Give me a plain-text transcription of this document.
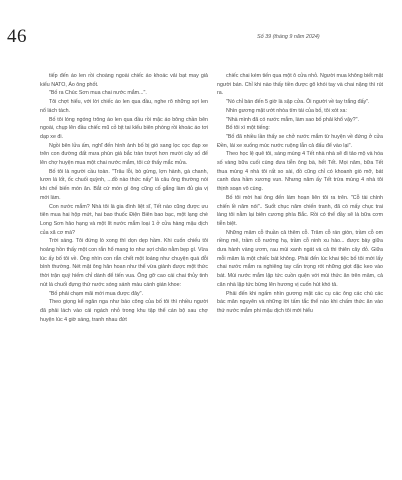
46	Số 39 (tháng 9 năm 2024)

tiếp đến áo len rồi choàng ngoài chiếc áo khoác vải bạt may giả kiểu NATO, Áo ông phốt.

"Bố ra Chúc Sơn mua chai nước mắm...".

Tôi chợt hiểu, với lời chiếc áo len qua đầu, nghe rõ những sợi len nổ lách tách.

Bố tôi lóng ngóng trông áo len qua đầu rồi mặc áo bông chần bên ngoài, chụp lên đầu chiếc mũ cỏ bịt tai kiểu biên phòng rồi khoác áo tơi dạp xe đi.

Ngồi bên lửa ấm, nghĩ đến hình ảnh bố bị gió sang lọc cọc đạp xe trên con đường đất mưa phùn giá bắc tràn trượt hơn mười cây số để lên chợ huyện mua một chai nước mắm, tôi cứ thấy mắc mửa.

Bố tôi là người cầu toàn. "Trâu lỗi, bò gừng, lợn hành, gà chanh, lươn lá lốt, ốc chuối quỳnh, ...đồ nào thức nấy" là câu ông thường nói khi chế biến món ăn. Bắt cứ món gì ông cũng cố gắng làm đủ gia vị mới làm.

Con nước mắm? Nhà tôi là gia đình liệt sĩ, Tết nào cũng được ưu tiên mua hai hộp mứt, hai bao thuốc Điện Biên bao bạc, một lạng chè Long Sơn hảo hạng và một lít nước mắm loại 1 ở cửa hàng mậu dịch của xã cơ mà?

Trời sáng. Tôi đứng lò xong thì dọn dẹp hầm. Khi cuốn chiếu tôi hoảng hồn thấy một con rắn hổ mang to như sợi chão nằm bẹp gí. Vừa lúc ấy bố tôi về. Ông nhìn con rắn chết một loáng như chuyện quá đỗi bình thường. Nét mặt ông hân hoan như thể vừa giành được một thức thời trận quý hiếm chỉ dành để tiến vua. Ông gỡ cao cái chai thủy tinh nút lá chuối đựng thứ nước sóng sánh màu cánh gián khoe:

"Bố phải chạm mãi mới mua được đây".

Theo giọng kể ngân nga như báo công của bố tôi thì nhiều người đã phải lách vào cái ngách nhỏ trong khu tập thể cán bộ sau chợ huyện lúc 4 giờ sáng, tranh nhau đứt

chiếc chai kém tiến qua một ô cửa nhỏ. Người mua không biết mặt người bán. Chỉ khi nào thấy tiền được gõ khói tay và chai nặng thì rút ra.

"Nó chỉ bán đến 5 giờ là sập cửa. Ôi người về tay trắng đấy".

Nhìn gương mặt ướt nhòa tím tái của bố, tôi xót xa:

"Nhà mình đã có nước mắm, làm sao bố phải khổ vậy?".

Bố tôi xì một tiếng:

"Bố đã nhiều lần thấy se chở nước mắm từ huyện về đứng ở cửa Đền, lái xe xuống múc nước ruộng lẫn cả đấu để vào lại".

Theo học lệ quê tôi, sáng mùng 4 Tết nhà nhà sẽ đi tảo mộ và hóa số vàng bữa cuối cùng đưa tiễn ông bà, hết Tết. Mọi năm, bữa Tết thua mùng 4 nhà tôi rất so sài, đồ cũng chỉ có khoanh giò mỡ, bát canh dưa hầm xương vun. Nhưng năm ấy Tết trừa mùng 4 nhà tôi thịnh soạn vô cùng.

Bố tôi mời hai ông đến làm hoạn liên tôi ra trên. "Cỗ tài chính chiến lề năm nói".. Suốt chục năm chiến tranh, đã có mấy chục trai làng tôi nằm lại biên cương phía Bắc. Rồi có thể đầy sẽ là bữa cơm tiễn biệt.

Những mâm cỗ thuần cả thêm cỗ. Trâm cỗ rán giòn, trầm cỗ om riềng mẻ, trầm cỗ nướng hạ, trầm cỗ ninh xu hào... được bày giữa dưa hành vàng ươm, rau mùi xanh ngát và cả thi thiên cây đỏ. Giữa mỗi mâm là một chiếc bát không. Phải đến lúc khai tiệc bố tôi mới lấy chai nước mắm ra nghiêng tay cẩn trọng rót những giọt đặc keo vào bát. Mùi nước mắm lập tức cuồn quện với mùi thức ăn trên mâm, cả căn nhà lập tức bừng lên hương vị cuốn hút khó tả.

Phải đến khi ngấm nhìn gương mặt các cụ các ông các chú các bác mân nguyên và những lời tấm tắc thể nào khi chấm thức ăn vào thứ nước mắm phi mậu dịch tôi mới hiểu
